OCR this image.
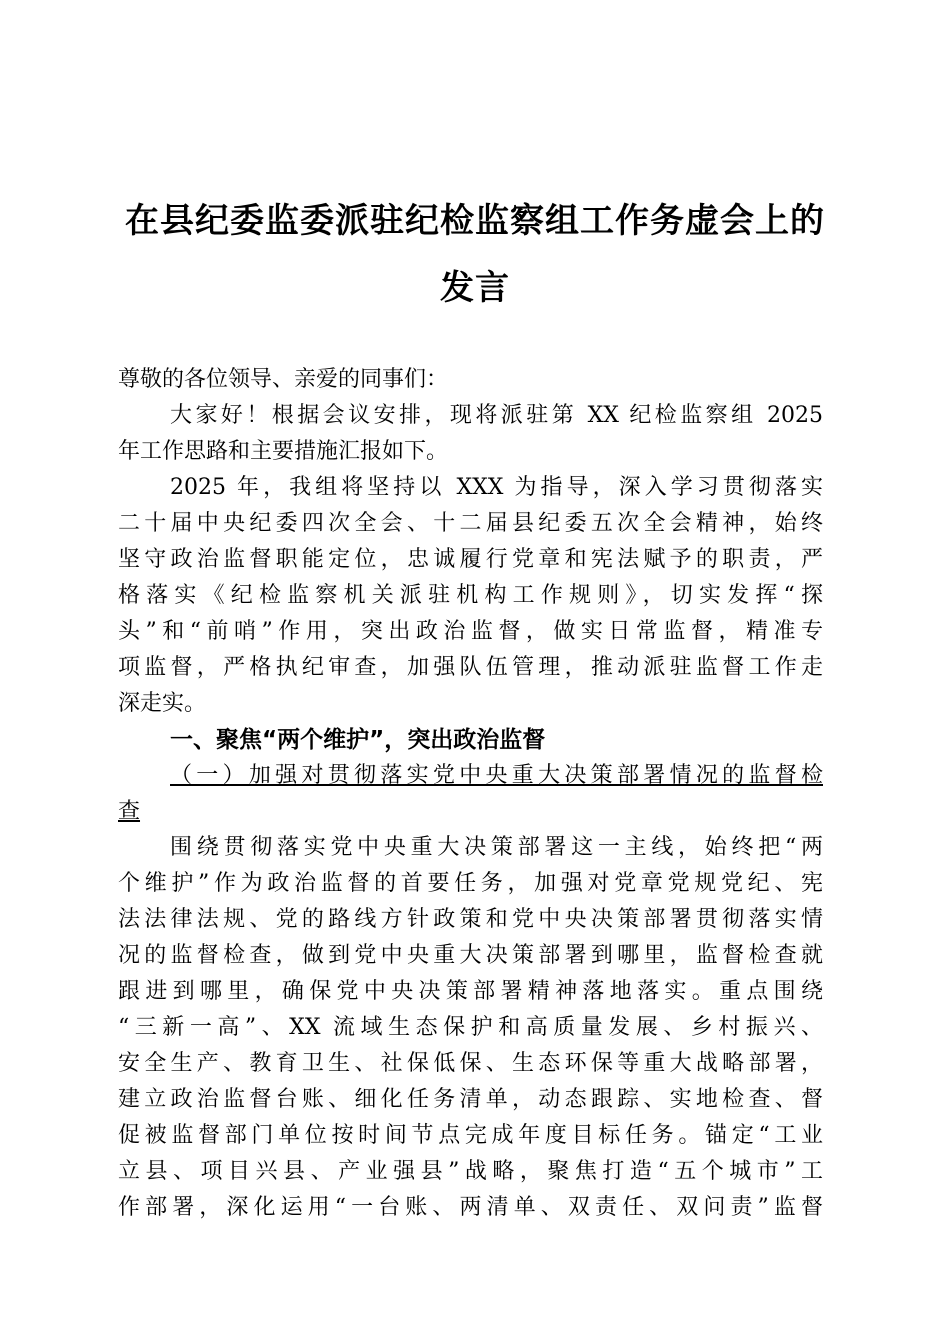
在县纪委监委派驻纪检监察组工作务虚会上的
发言
尊敬的各位领导、亲爱的同事们：
大家好！根据会议安排，现将派驻第 XX 纪检监察组 2025
年工作思路和主要措施汇报如下。
2025 年，我组将坚持以 XXX 为指导，深入学习贯彻落实
二十届中央纪委四次全会、十二届县纪委五次全会精神，始终
坚守政治监督职能定位，忠诚履行党章和宪法赋予的职责，严
格落实《纪检监察机关派驻机构工作规则》，切实发挥“探
头”和“前哨”作用，突出政治监督，做实日常监督，精准专
项监督，严格执纪审查，加强队伍管理，推动派驻监督工作走
深走实。
一、聚焦“两个维护”，突出政治监督
（一）加强对贯彻落实党中央重大决策部署情况的监督检
查
围绕贯彻落实党中央重大决策部署这一主线，始终把“两
个维护”作为政治监督的首要任务，加强对党章党规党纪、宪
法法律法规、党的路线方针政策和党中央决策部署贯彻落实情
况的监督检查，做到党中央重大决策部署到哪里，监督检查就
跟进到哪里，确保党中央决策部署精神落地落实。重点围绕
“三新一高”、XX 流域生态保护和高质量发展、乡村振兴、
安全生产、教育卫生、社保低保、生态环保等重大战略部署，
建立政治监督台账、细化任务清单，动态跟踪、实地检查、督
促被监督部门单位按时间节点完成年度目标任务。锚定“工业
立县、项目兴县、产业强县”战略，聚焦打造“五个城市”工
作部署，深化运用“一台账、两清单、双责任、双问责”监督
